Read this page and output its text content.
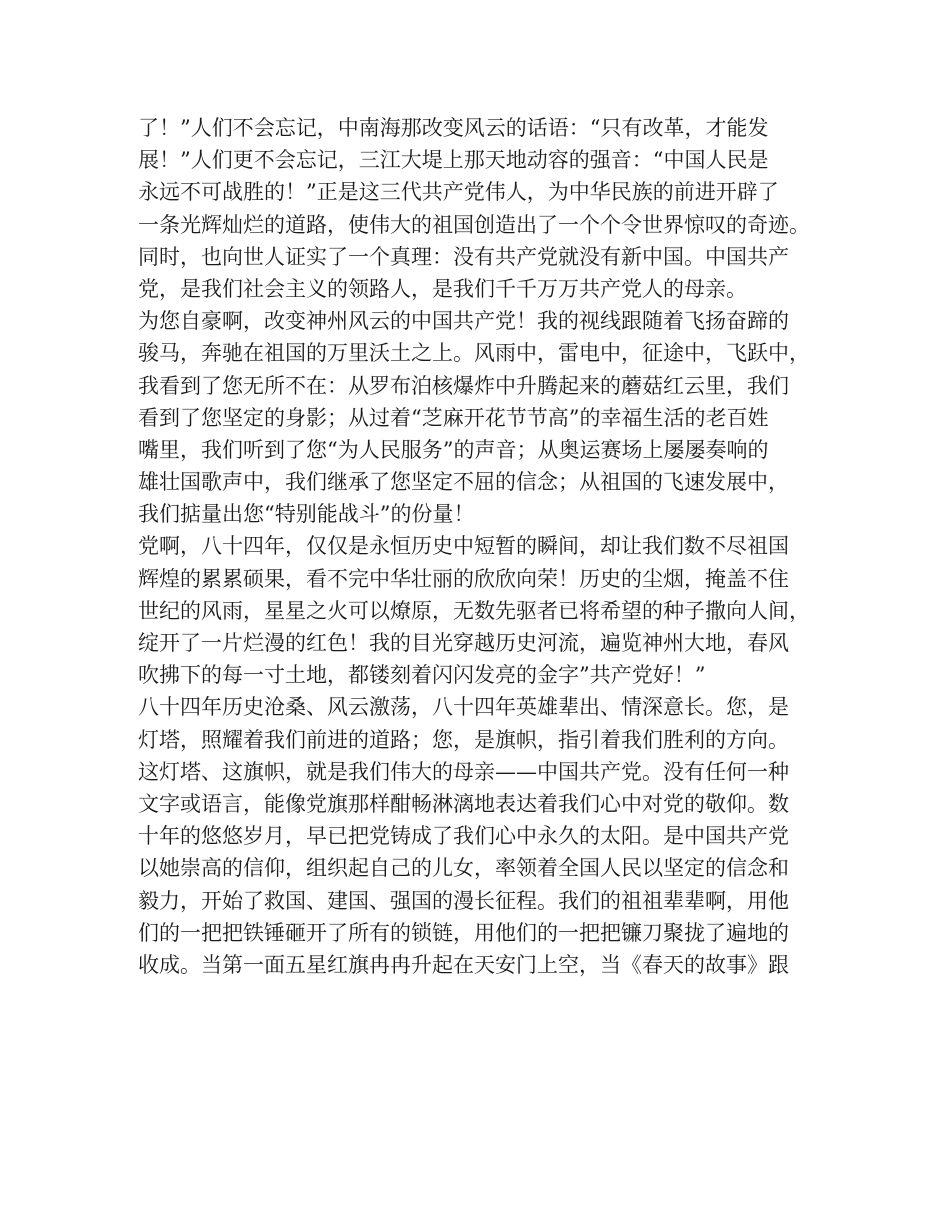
了！”人们不会忘记，中南海那改变风云的话语：“只有改革，才能发
展！”人们更不会忘记，三江大堤上那天地动容的强音：“中国人民是
永远不可战胜的！”正是这三代共产党伟人，为中华民族的前进开辟了
一条光辉灿烂的道路，使伟大的祖国创造出了一个个令世界惊叹的奇迹。
同时，也向世人证实了一个真理：没有共产党就没有新中国。中国共产
党，是我们社会主义的领路人，是我们千千万万共产党人的母亲。
为您自豪啊，改变神州风云的中国共产党！我的视线跟随着飞扬奋蹄的
骏马，奔驰在祖国的万里沃土之上。风雨中，雷电中，征途中，飞跃中，
我看到了您无所不在：从罗布泊核爆炸中升腾起来的蘑菇红云里，我们
看到了您坚定的身影；从过着“芝麻开花节节高”的幸福生活的老百姓
嘴里，我们听到了您“为人民服务”的声音；从奥运赛场上屡屡奏响的
雄壮国歌声中，我们继承了您坚定不屈的信念；从祖国的飞速发展中，
我们掂量出您“特别能战斗”的份量！
党啊，八十四年，仅仅是永恒历史中短暂的瞬间，却让我们数不尽祖国
辉煌的累累硕果，看不完中华壮丽的欣欣向荣！历史的尘烟，掩盖不住
世纪的风雨，星星之火可以燎原，无数先驱者已将希望的种子撒向人间，
绽开了一片烂漫的红色！我的目光穿越历史河流，遍览神州大地，春风
吹拂下的每一寸土地，都镂刻着闪闪发亮的金字”共产党好！”
八十四年历史沧桑、风云激荡，八十四年英雄辈出、情深意长。您，是
灯塔，照耀着我们前进的道路；您，是旗帜，指引着我们胜利的方向。
这灯塔、这旗帜，就是我们伟大的母亲——中国共产党。没有任何一种
文字或语言，能像党旗那样酣畅淋漓地表达着我们心中对党的敬仰。数
十年的悠悠岁月，早已把党铸成了我们心中永久的太阳。是中国共产党
以她崇高的信仰，组织起自己的儿女，率领着全国人民以坚定的信念和
毅力，开始了救国、建国、强国的漫长征程。我们的祖祖辈辈啊，用他
们的一把把铁锤砸开了所有的锁链，用他们的一把把镰刀聚拢了遍地的
收成。当第一面五星红旗冉冉升起在天安门上空，当《春天的故事》跟
